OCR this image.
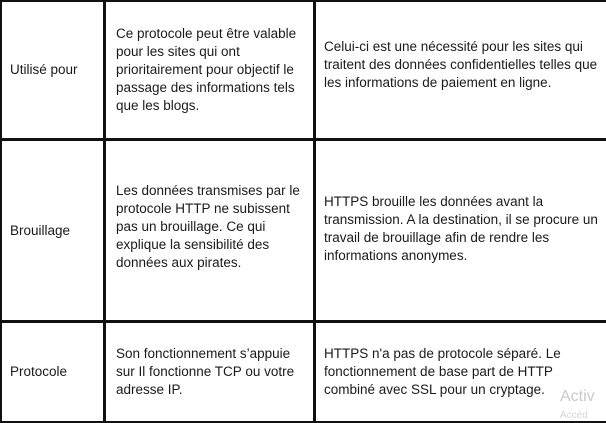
Utilisé pour
Ce protocole peut être valable pour les sites qui ont prioritairement pour objectif le passage des informations tels que les blogs.
Celui-ci est une nécessité pour les sites qui traitent des données confidentielles telles que les informations de paiement en ligne.
Brouillage
Les données transmises par le protocole HTTP ne subissent pas un brouillage. Ce qui explique la sensibilité des données aux pirates.
HTTPS brouille les données avant la transmission. A la destination, il se procure un travail de brouillage afin de rendre les informations anonymes.
Protocole
Son fonctionnement s’appuie sur Il fonctionne TCP ou votre adresse IP.
HTTPS n'a pas de protocole séparé. Le fonctionnement de base part de HTTP combiné avec SSL pour un cryptage. Activ
Accéd
